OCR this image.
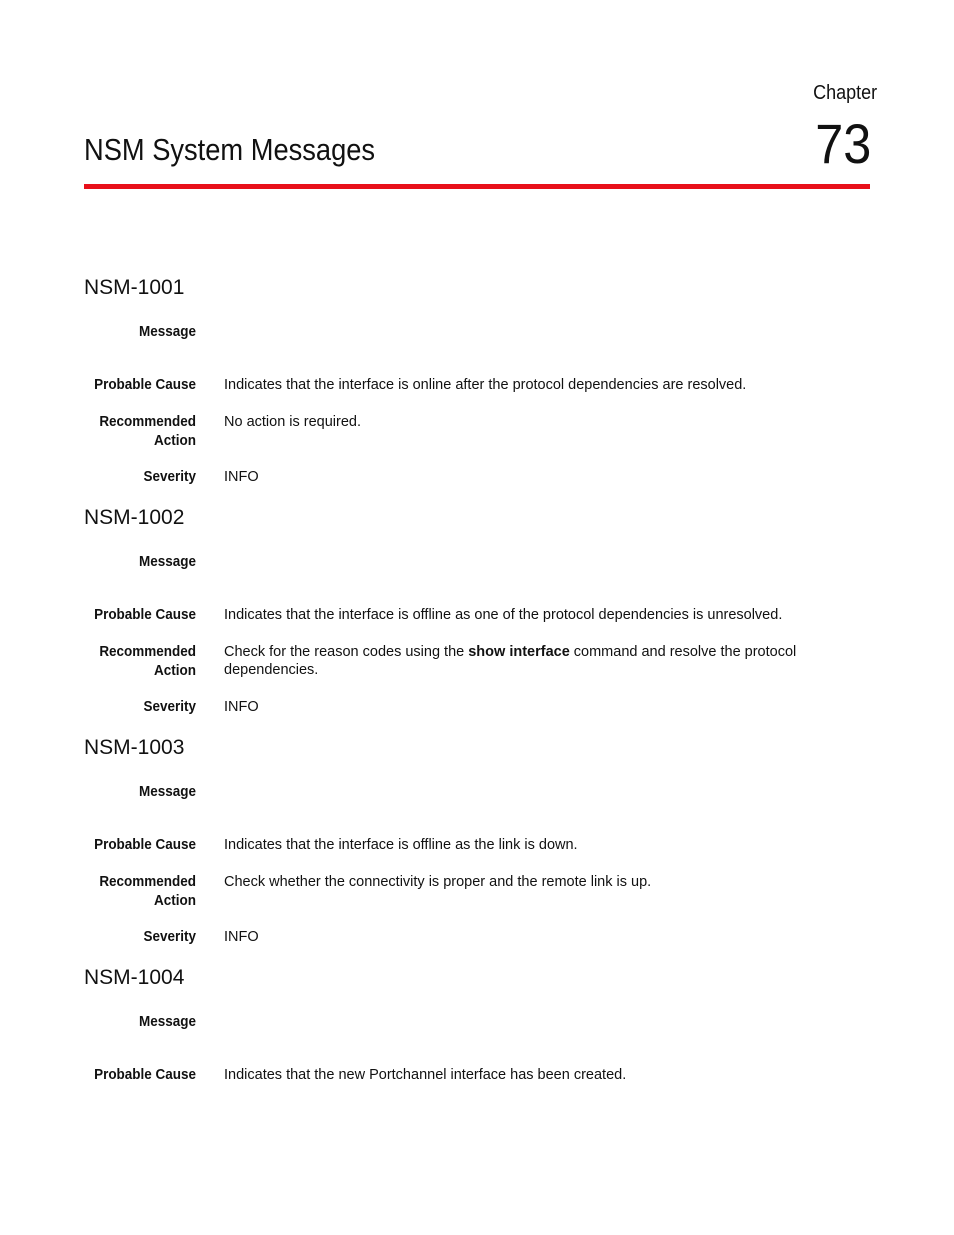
Chapter
73
NSM System Messages
NSM-1001
Message
Probable Cause Indicates that the interface is online after the protocol dependencies are resolved.
Recommended
Action
No action is required.
Severity INFO
NSM-1002
Message
Probable Cause Indicates that the interface is offline as one of the protocol dependencies is unresolved.
Recommended
Action
Check for the reason codes using the show interface command and resolve the protocol dependencies.
Severity INFO
NSM-1003
Message
Probable Cause Indicates that the interface is offline as the link is down.
Recommended
Action
Check whether the connectivity is proper and the remote link is up.
Severity INFO
NSM-1004
Message
Probable Cause Indicates that the new Portchannel interface has been created.
